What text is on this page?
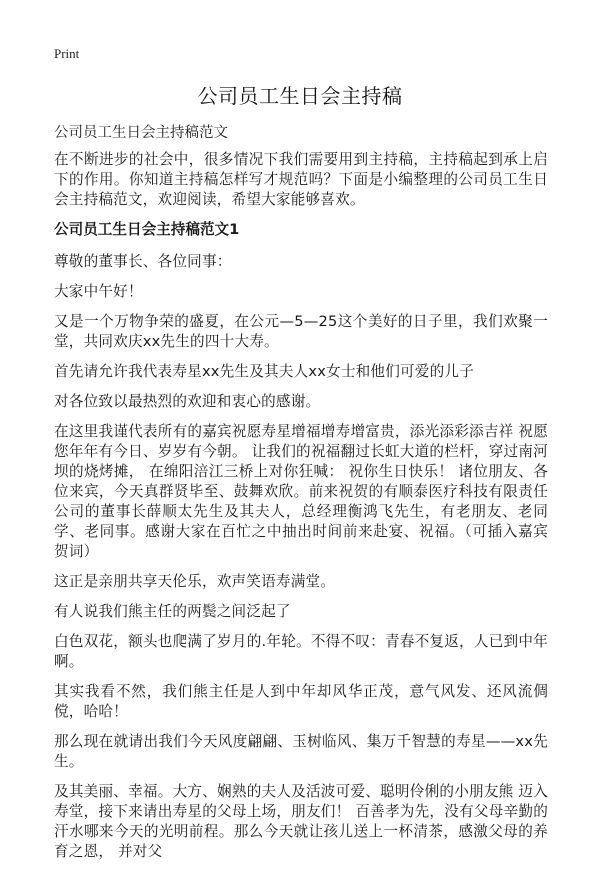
Print
公司员工生日会主持稿

公司员工生日会主持稿范文

在不断进步的社会中，很多情况下我们需要用到主持稿，主持稿起到承上启下的作用。你知道主持稿怎样写才规范吗？下面是小编整理的公司员工生日会主持稿范文，欢迎阅读，希望大家能够喜欢。

公司员工生日会主持稿范文1

尊敬的董事长、各位同事：

大家中午好！

又是一个万物争荣的盛夏，在公元—5—25这个美好的日子里，我们欢聚一堂，共同欢庆xx先生的四十大寿。

首先请允许我代表寿星xx先生及其夫人xx女士和他们可爱的儿子

对各位致以最热烈的欢迎和衷心的感谢。

在这里我谨代表所有的嘉宾祝愿寿星增福增寿增富贵，添光添彩添吉祥 祝愿您年年有今日、岁岁有今朝。 让我们的祝福翻过长虹大道的栏杆，穿过南河坝的烧烤摊， 在绵阳涪江三桥上对你狂喊： 祝你生日快乐！ 诸位朋友、各位来宾，今天真群贤毕至、鼓舞欢欣。前来祝贺的有顺泰医疗科技有限责任公司的董事长薛顺太先生及其夫人，总经理衡鸿飞先生，有老朋友、老同学、老同事。感谢大家在百忙之中抽出时间前来赴宴、祝福。（可插入嘉宾贺词）

这正是亲朋共享天伦乐，欢声笑语寿满堂。

有人说我们熊主任的两鬓之间泛起了

白色双花，额头也爬满了岁月的.年轮。不得不叹：青春不复返，人已到中年啊。

其实我看不然，我们熊主任是人到中年却风华正茂，意气风发、还风流倜傥，哈哈！

那么现在就请出我们今天风度翩翩、玉树临风、集万千智慧的寿星——xx先生。

及其美丽、幸福。大方、娴熟的夫人及活波可爱、聪明伶俐的小朋友熊 迈入寿堂，接下来请出寿星的父母上场，朋友们！ 百善孝为先，没有父母辛勤的汗水哪来今天的光明前程。那么今天就让孩儿送上一杯清茶，感激父母的养育之恩， 并对父
